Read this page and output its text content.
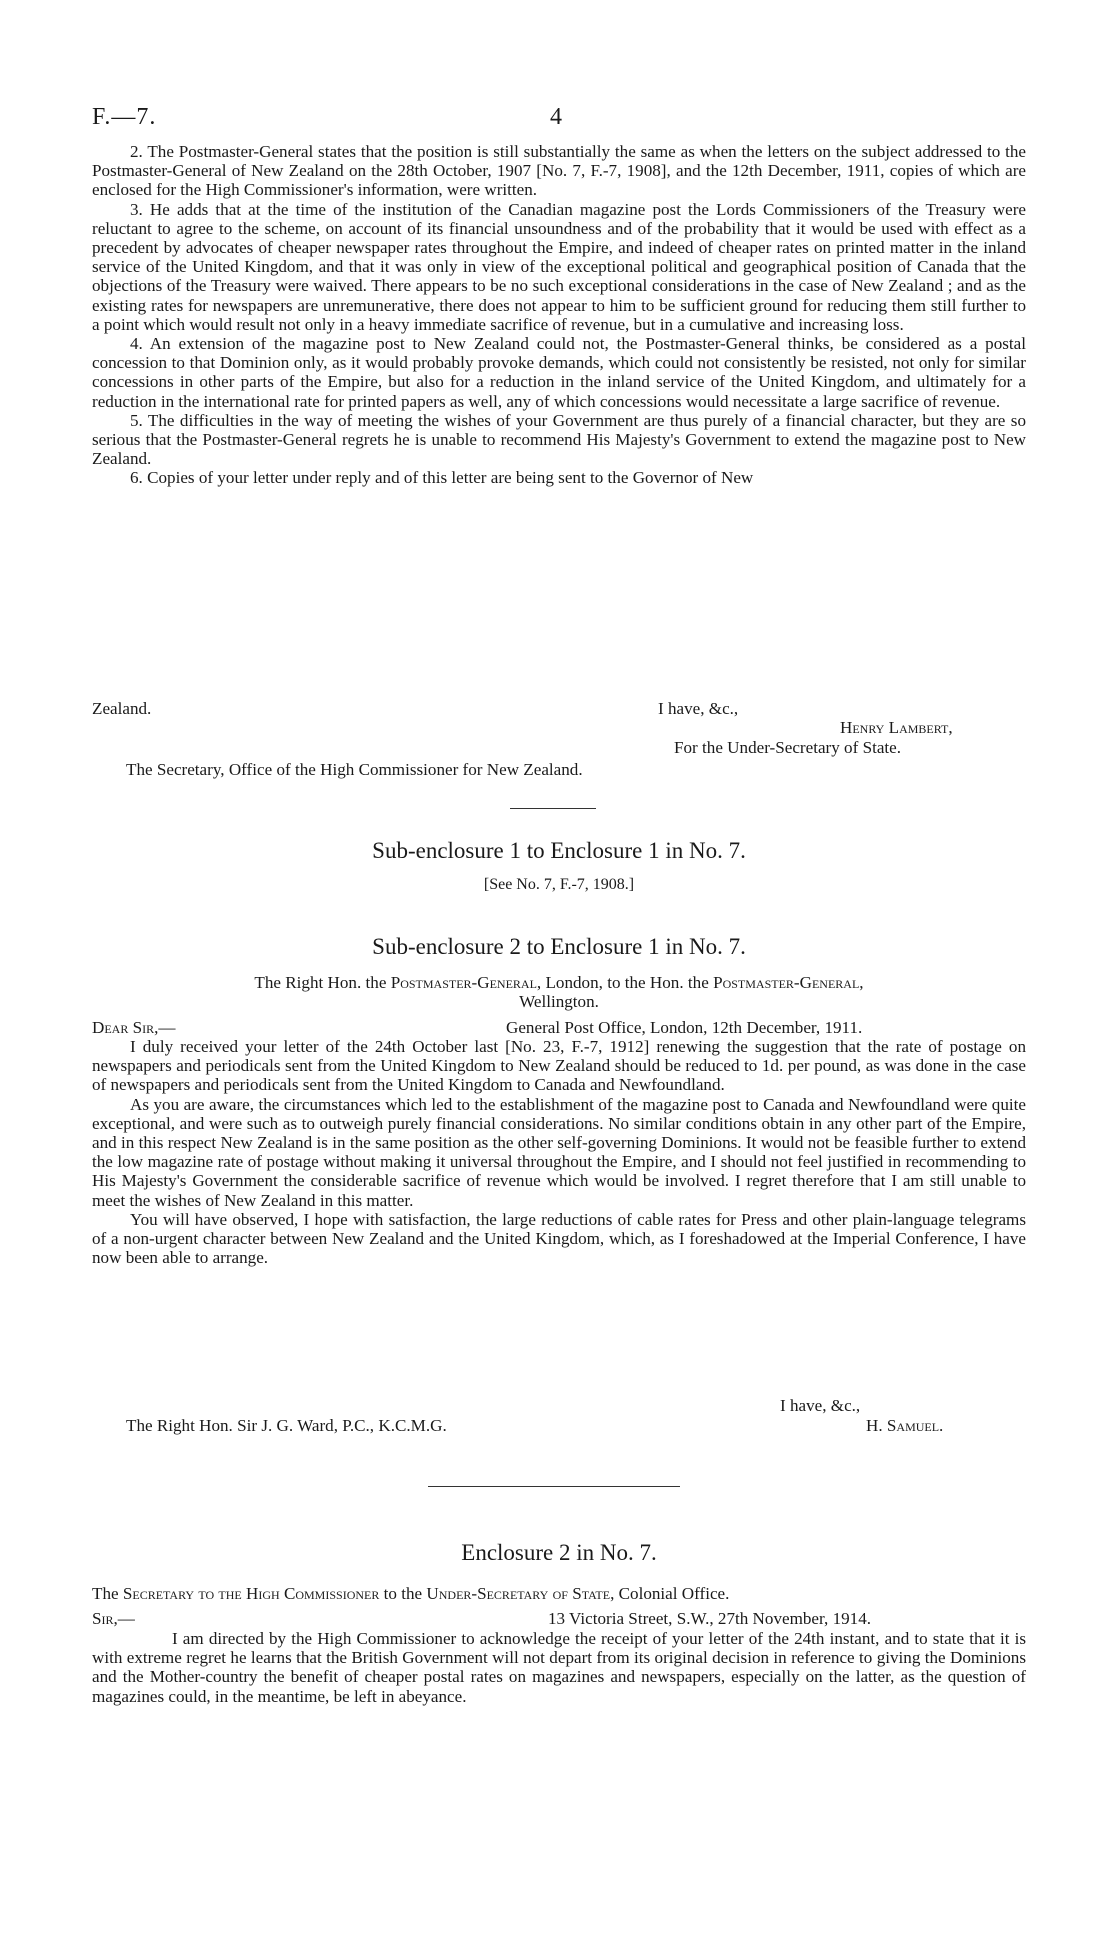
F.—7.	4

2. The Postmaster-General states that the position is still substantially the same as when the letters on the subject addressed to the Postmaster-General of New Zealand on the 28th October, 1907 [No. 7, F.-7, 1908], and the 12th December, 1911, copies of which are enclosed for the High Commissioner's information, were written.

3. He adds that at the time of the institution of the Canadian magazine post the Lords Commissioners of the Treasury were reluctant to agree to the scheme, on account of its financial unsoundness and of the probability that it would be used with effect as a precedent by advocates of cheaper newspaper rates throughout the Empire, and indeed of cheaper rates on printed matter in the inland service of the United Kingdom, and that it was only in view of the exceptional political and geographical position of Canada that the objections of the Treasury were waived. There appears to be no such exceptional considerations in the case of New Zealand ; and as the existing rates for newspapers are unremunerative, there does not appear to him to be sufficient ground for reducing them still further to a point which would result not only in a heavy immediate sacrifice of revenue, but in a cumulative and increasing loss.

4. An extension of the magazine post to New Zealand could not, the Postmaster-General thinks, be considered as a postal concession to that Dominion only, as it would probably provoke demands, which could not consistently be resisted, not only for similar concessions in other parts of the Empire, but also for a reduction in the inland service of the United Kingdom, and ultimately for a reduction in the international rate for printed papers as well, any of which concessions would necessitate a large sacrifice of revenue.

5. The difficulties in the way of meeting the wishes of your Government are thus purely of a financial character, but they are so serious that the Postmaster-General regrets he is unable to recommend His Majesty's Government to extend the magazine post to New Zealand.

6. Copies of your letter under reply and of this letter are being sent to the Governor of New

Zealand.	I have, &c.,
Henry Lambert,
For the Under-Secretary of State.
The Secretary, Office of the High Commissioner for New Zealand.
Sub-enclosure 1 to Enclosure 1 in No. 7.
[See No. 7, F.-7, 1908.]
Sub-enclosure 2 to Enclosure 1 in No. 7.
The Right Hon. the Postmaster-General, London, to the Hon. the Postmaster-General,
Wellington.
Dear Sir,—	General Post Office, London, 12th December, 1911.

I duly received your letter of the 24th October last [No. 23, F.-7, 1912] renewing the suggestion that the rate of postage on newspapers and periodicals sent from the United Kingdom to New Zealand should be reduced to 1d. per pound, as was done in the case of newspapers and periodicals sent from the United Kingdom to Canada and Newfoundland.

As you are aware, the circumstances which led to the establishment of the magazine post to Canada and Newfoundland were quite exceptional, and were such as to outweigh purely financial considerations. No similar conditions obtain in any other part of the Empire, and in this respect New Zealand is in the same position as the other self-governing Dominions. It would not be feasible further to extend the low magazine rate of postage without making it universal throughout the Empire, and I should not feel justified in recommending to His Majesty's Government the considerable sacrifice of revenue which would be involved. I regret therefore that I am still unable to meet the wishes of New Zealand in this matter.

You will have observed, I hope with satisfaction, the large reductions of cable rates for Press and other plain-language telegrams of a non-urgent character between New Zealand and the United Kingdom, which, as I foreshadowed at the Imperial Conference, I have now been able to arrange.

I have, &c.,
The Right Hon. Sir J. G. Ward, P.C., K.C.M.G.	H. Samuel.
Enclosure 2 in No. 7.
The Secretary to the High Commissioner to the Under-Secretary of State, Colonial Office.
Sir,—	13 Victoria Street, S.W., 27th November, 1914.

I am directed by the High Commissioner to acknowledge the receipt of your letter of the 24th instant, and to state that it is with extreme regret he learns that the British Government will not depart from its original decision in reference to giving the Dominions and the Mother-country the benefit of cheaper postal rates on magazines and newspapers, especially on the latter, as the question of magazines could, in the meantime, be left in abeyance.
